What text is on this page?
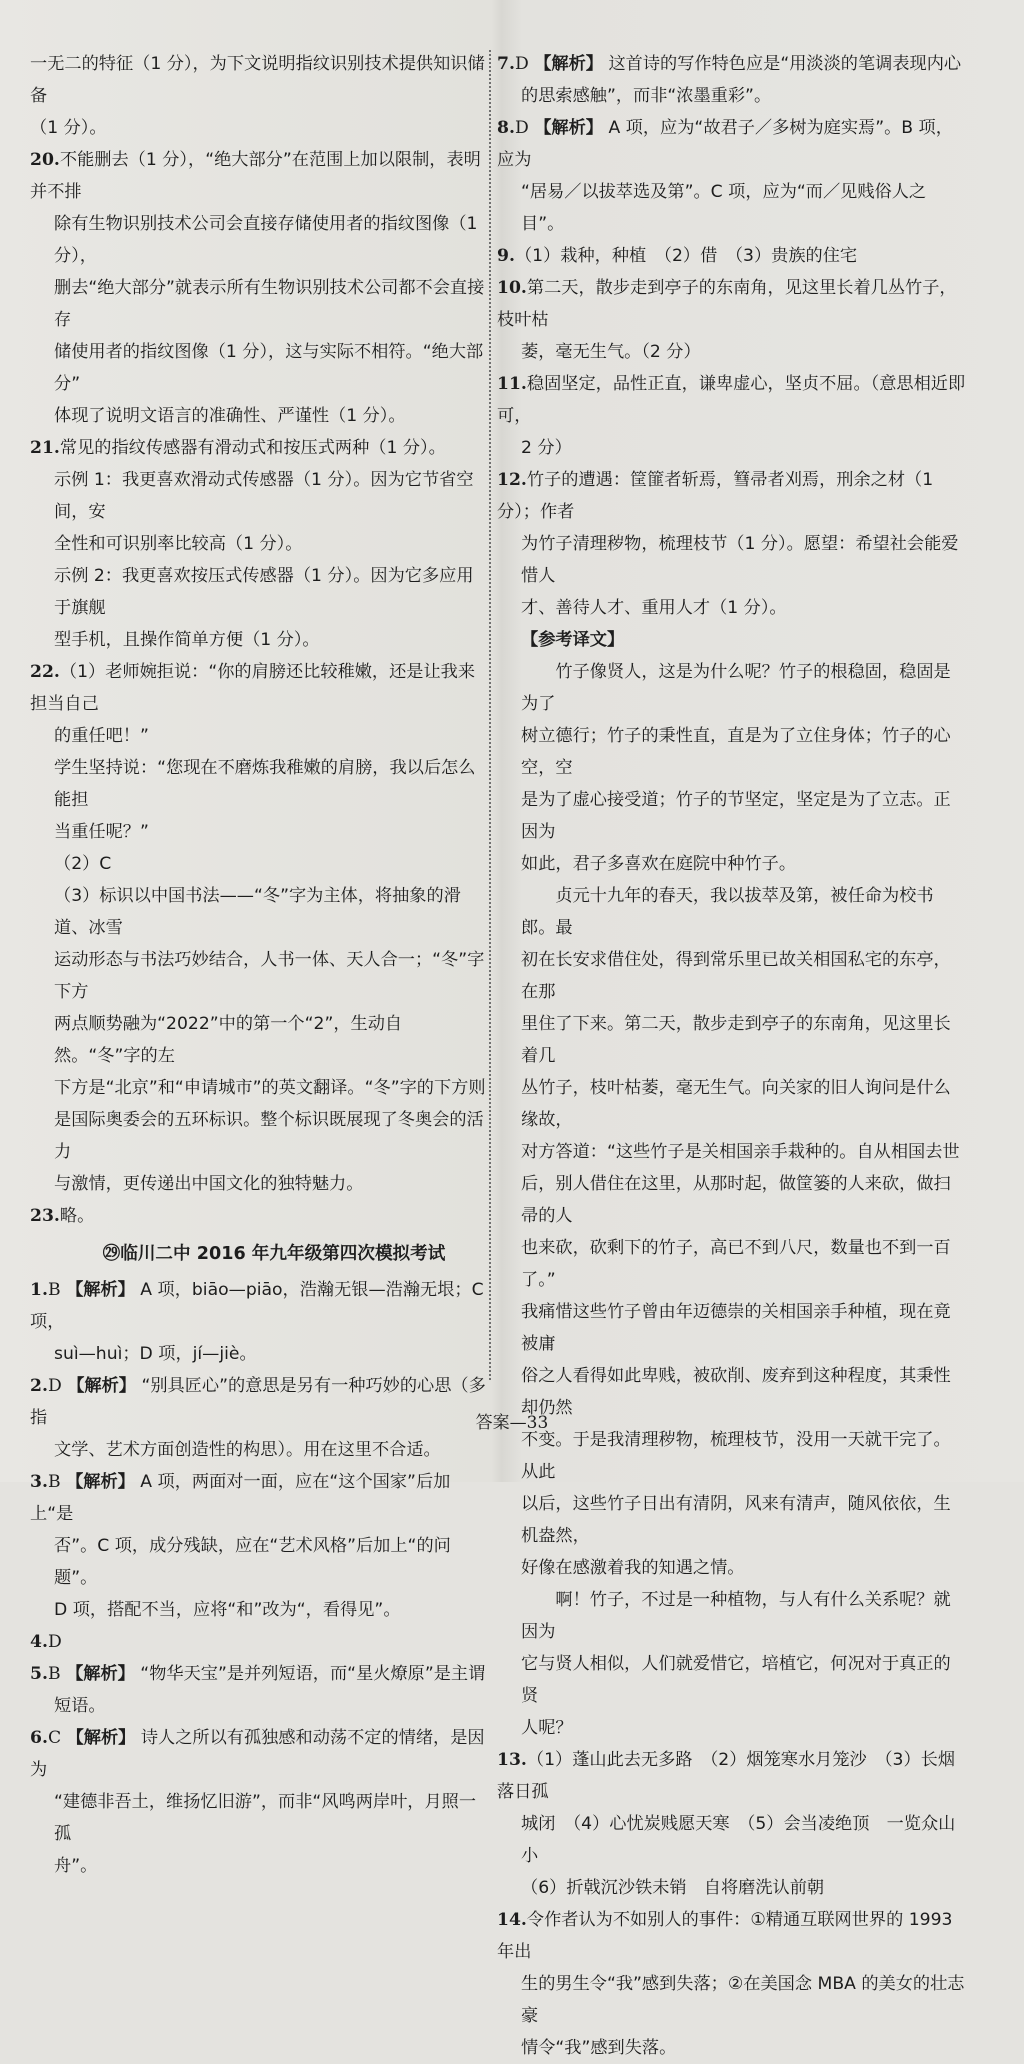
一无二的特征（1 分），为下文说明指纹识别技术提供知识储备
（1 分）。
20.不能删去（1 分），“绝大部分”在范围上加以限制，表明并不排
除有生物识别技术公司会直接存储使用者的指纹图像（1 分），
删去“绝大部分”就表示所有生物识别技术公司都不会直接存
储使用者的指纹图像（1 分），这与实际不相符。“绝大部分”
体现了说明文语言的准确性、严谨性（1 分）。
21.常见的指纹传感器有滑动式和按压式两种（1 分）。
示例 1：我更喜欢滑动式传感器（1 分）。因为它节省空间，安
全性和可识别率比较高（1 分）。
示例 2：我更喜欢按压式传感器（1 分）。因为它多应用于旗舰
型手机，且操作简单方便（1 分）。
22.（1）老师婉拒说：“你的肩膀还比较稚嫩，还是让我来担当自己
的重任吧！”
学生坚持说：“您现在不磨炼我稚嫩的肩膀，我以后怎么能担
当重任呢？”
（2）C
（3）标识以中国书法——“冬”字为主体，将抽象的滑道、冰雪
运动形态与书法巧妙结合，人书一体、天人合一；“冬”字下方
两点顺势融为“2022”中的第一个“2”，生动自然。“冬”字的左
下方是“北京”和“申请城市”的英文翻译。“冬”字的下方则
是国际奥委会的五环标识。整个标识既展现了冬奥会的活力
与激情，更传递出中国文化的独特魅力。
23.略。
㉙临川二中 2016 年九年级第四次模拟考试
1.B 【解析】 A 项，biāo—piāo，浩瀚无银—浩瀚无垠；C 项，
suì—huì；D 项，jí—jiè。
2.D 【解析】 “别具匠心”的意思是另有一种巧妙的心思（多指
文学、艺术方面创造性的构思）。用在这里不合适。
3.B 【解析】 A 项，两面对一面，应在“这个国家”后加上“是
否”。C 项，成分残缺，应在“艺术风格”后加上“的问题”。
D 项，搭配不当，应将“和”改为“，看得见”。
4.D
5.B 【解析】 “物华天宝”是并列短语，而“星火燎原”是主谓
短语。
6.C 【解析】 诗人之所以有孤独感和动荡不定的情绪，是因为
“建德非吾土，维扬忆旧游”，而非“风鸣两岸叶，月照一孤
舟”。
7.D 【解析】 这首诗的写作特色应是“用淡淡的笔调表现内心
的思索感触”，而非“浓墨重彩”。
8.D 【解析】 A 项，应为“故君子／多树为庭实焉”。B 项，应为
“居易／以拔萃选及第”。C 项，应为“而／见贱俗人之目”。
9.（1）栽种，种植　（2）借　（3）贵族的住宅
10.第二天，散步走到亭子的东南角，见这里长着几丛竹子，枝叶枯
萎，毫无生气。（2 分）
11.稳固坚定，品性正直，谦卑虚心，坚贞不屈。（意思相近即可，
2 分）
12.竹子的遭遇：筐篚者斩焉，篲帚者刈焉，刑余之材（1 分）；作者
为竹子清理秽物，梳理枝节（1 分）。愿望：希望社会能爱惜人
才、善待人才、重用人才（1 分）。
【参考译文】
竹子像贤人，这是为什么呢？竹子的根稳固，稳固是为了
树立德行；竹子的秉性直，直是为了立住身体；竹子的心空，空
是为了虚心接受道；竹子的节坚定，坚定是为了立志。正因为
如此，君子多喜欢在庭院中种竹子。
贞元十九年的春天，我以拔萃及第，被任命为校书郎。最
初在长安求借住处，得到常乐里已故关相国私宅的东亭，在那
里住了下来。第二天，散步走到亭子的东南角，见这里长着几
丛竹子，枝叶枯萎，毫无生气。向关家的旧人询问是什么缘故，
对方答道：“这些竹子是关相国亲手栽种的。自从相国去世
后，别人借住在这里，从那时起，做筐篓的人来砍，做扫帚的人
也来砍，砍剩下的竹子，高已不到八尺，数量也不到一百了。”
我痛惜这些竹子曾由年迈德崇的关相国亲手种植，现在竟被庸
俗之人看得如此卑贱，被砍削、废弃到这种程度，其秉性却仍然
不变。于是我清理秽物，梳理枝节，没用一天就干完了。从此
以后，这些竹子日出有清阴，风来有清声，随风依依，生机盎然，
好像在感激着我的知遇之情。
啊！竹子，不过是一种植物，与人有什么关系呢？就因为
它与贤人相似，人们就爱惜它，培植它，何况对于真正的贤
人呢？
13.（1）蓬山此去无多路　（2）烟笼寒水月笼沙　（3）长烟落日孤
城闭　（4）心忧炭贱愿天寒　（5）会当凌绝顶　一览众山小
（6）折戟沉沙铁未销　自将磨洗认前朝
14.令作者认为不如别人的事件：①精通互联网世界的 1993 年出
生的男生令“我”感到失落；②在美国念 MBA 的美女的壮志豪
情令“我”感到失落。
答案—33
